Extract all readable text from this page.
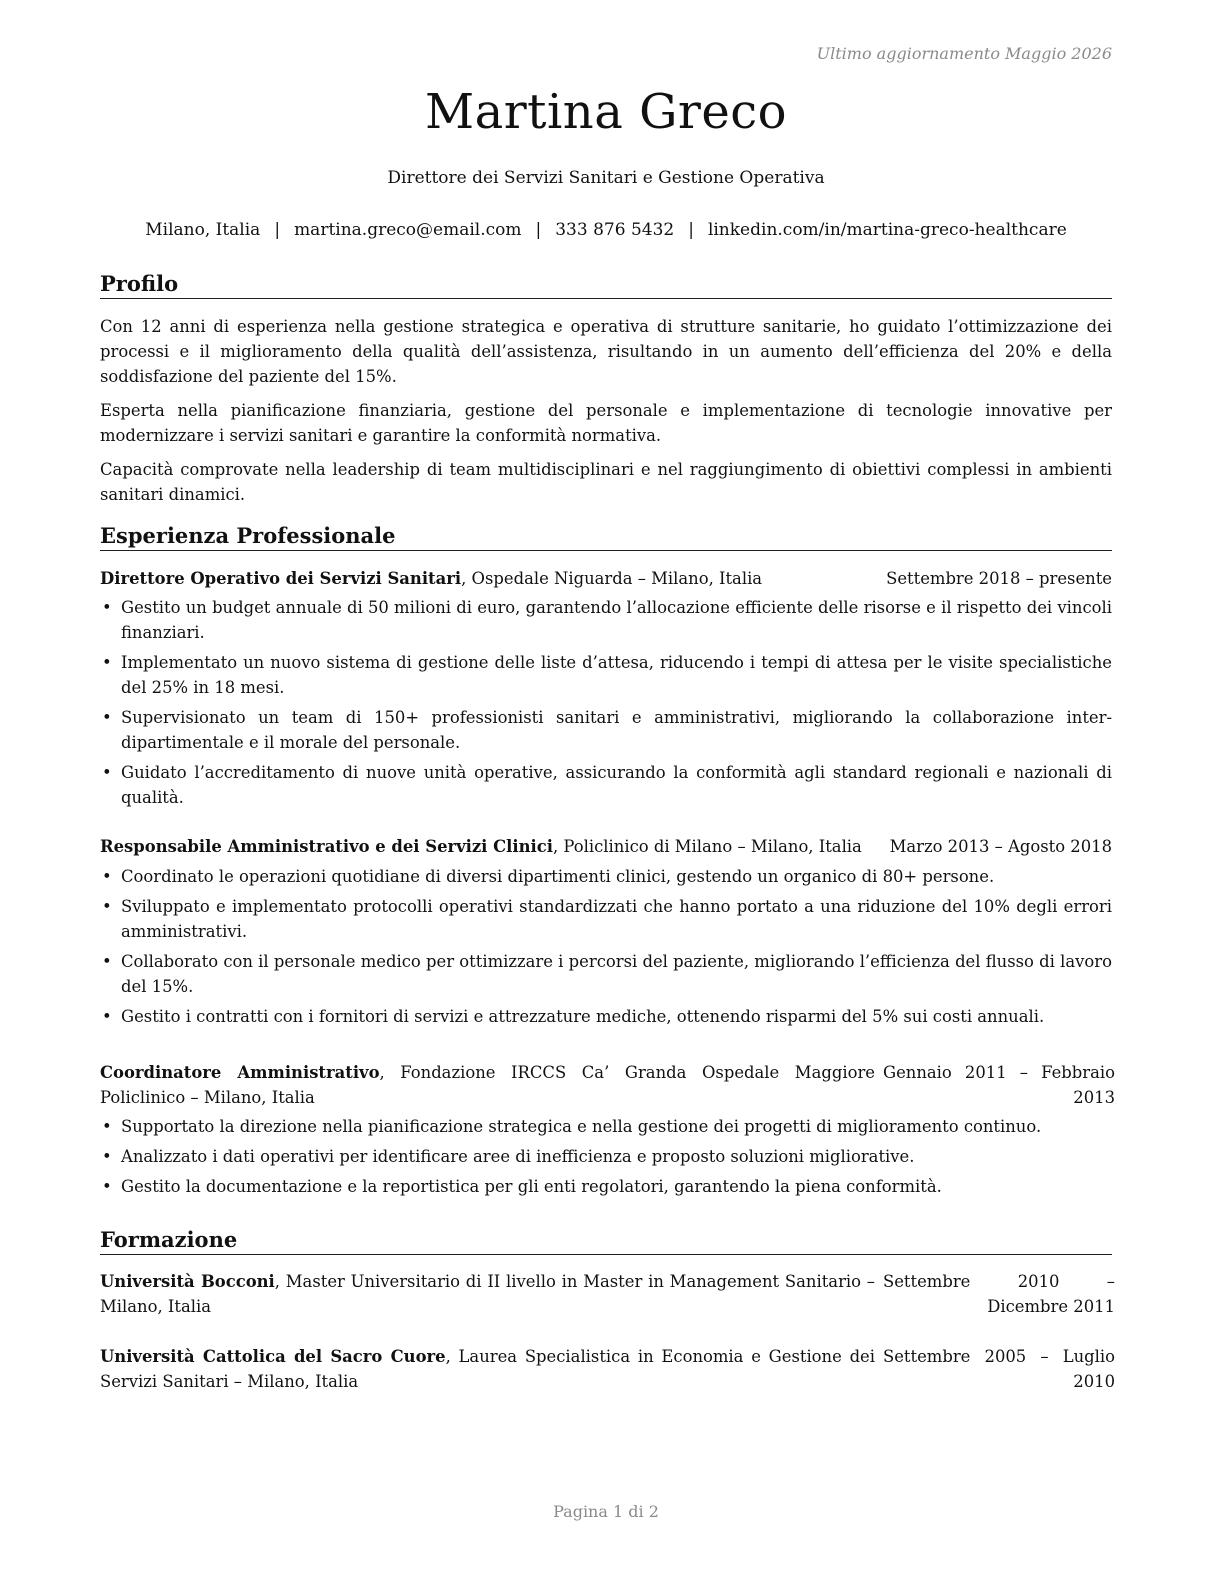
Ultimo aggiornamento Maggio 2026
Martina Greco
Direttore dei Servizi Sanitari e Gestione Operativa
Milano, Italia | martina.greco@email.com | 333 876 5432 | linkedin.com/in/martina-greco-healthcare
Profilo
Con 12 anni di esperienza nella gestione strategica e operativa di strutture sanitarie, ho guidato l’ottimizzazione dei processi e il miglioramento della qualità dell’assistenza, risultando in un aumento dell’efficienza del 20% e della soddisfazione del paziente del 15%.
Esperta nella pianificazione finanziaria, gestione del personale e implementazione di tecnologie innovative per modernizzare i servizi sanitari e garantire la conformità normativa.
Capacità comprovate nella leadership di team multidisciplinari e nel raggiungimento di obiettivi complessi in ambienti sanitari dinamici.
Esperienza Professionale
Direttore Operativo dei Servizi Sanitari, Ospedale Niguarda – Milano, Italia	Settembre 2018 – presente
• Gestito un budget annuale di 50 milioni di euro, garantendo l’allocazione efficiente delle risorse e il rispetto dei vincoli finanziari.
• Implementato un nuovo sistema di gestione delle liste d’attesa, riducendo i tempi di attesa per le visite specialistiche del 25% in 18 mesi.
• Supervisionato un team di 150+ professionisti sanitari e amministrativi, migliorando la collaborazione inter-dipartimentale e il morale del personale.
• Guidato l’accreditamento di nuove unità operative, assicurando la conformità agli standard regionali e nazionali di qualità.
Responsabile Amministrativo e dei Servizi Clinici, Policlinico di Milano – Milano, Italia	Marzo 2013 – Agosto 2018
• Coordinato le operazioni quotidiane di diversi dipartimenti clinici, gestendo un organico di 80+ persone.
• Sviluppato e implementato protocolli operativi standardizzati che hanno portato a una riduzione del 10% degli errori amministrativi.
• Collaborato con il personale medico per ottimizzare i percorsi del paziente, migliorando l’efficienza del flusso di lavoro del 15%.
• Gestito i contratti con i fornitori di servizi e attrezzature mediche, ottenendo risparmi del 5% sui costi annuali.
Coordinatore Amministrativo, Fondazione IRCCS Ca’ Granda Ospedale Maggiore Policlinico – Milano, Italia
Gennaio 2011 – Febbraio 2013
• Supportato la direzione nella pianificazione strategica e nella gestione dei progetti di miglioramento continuo.
• Analizzato i dati operativi per identificare aree di inefficienza e proposto soluzioni migliorative.
• Gestito la documentazione e la reportistica per gli enti regolatori, garantendo la piena conformità.
Formazione
Università Bocconi, Master Universitario di II livello in Master in Management Sanitario – Milano, Italia
Settembre 2010 – Dicembre 2011
Università Cattolica del Sacro Cuore, Laurea Specialistica in Economia e Gestione dei Servizi Sanitari – Milano, Italia
Settembre 2005 – Luglio 2010
Pagina 1 di 2
